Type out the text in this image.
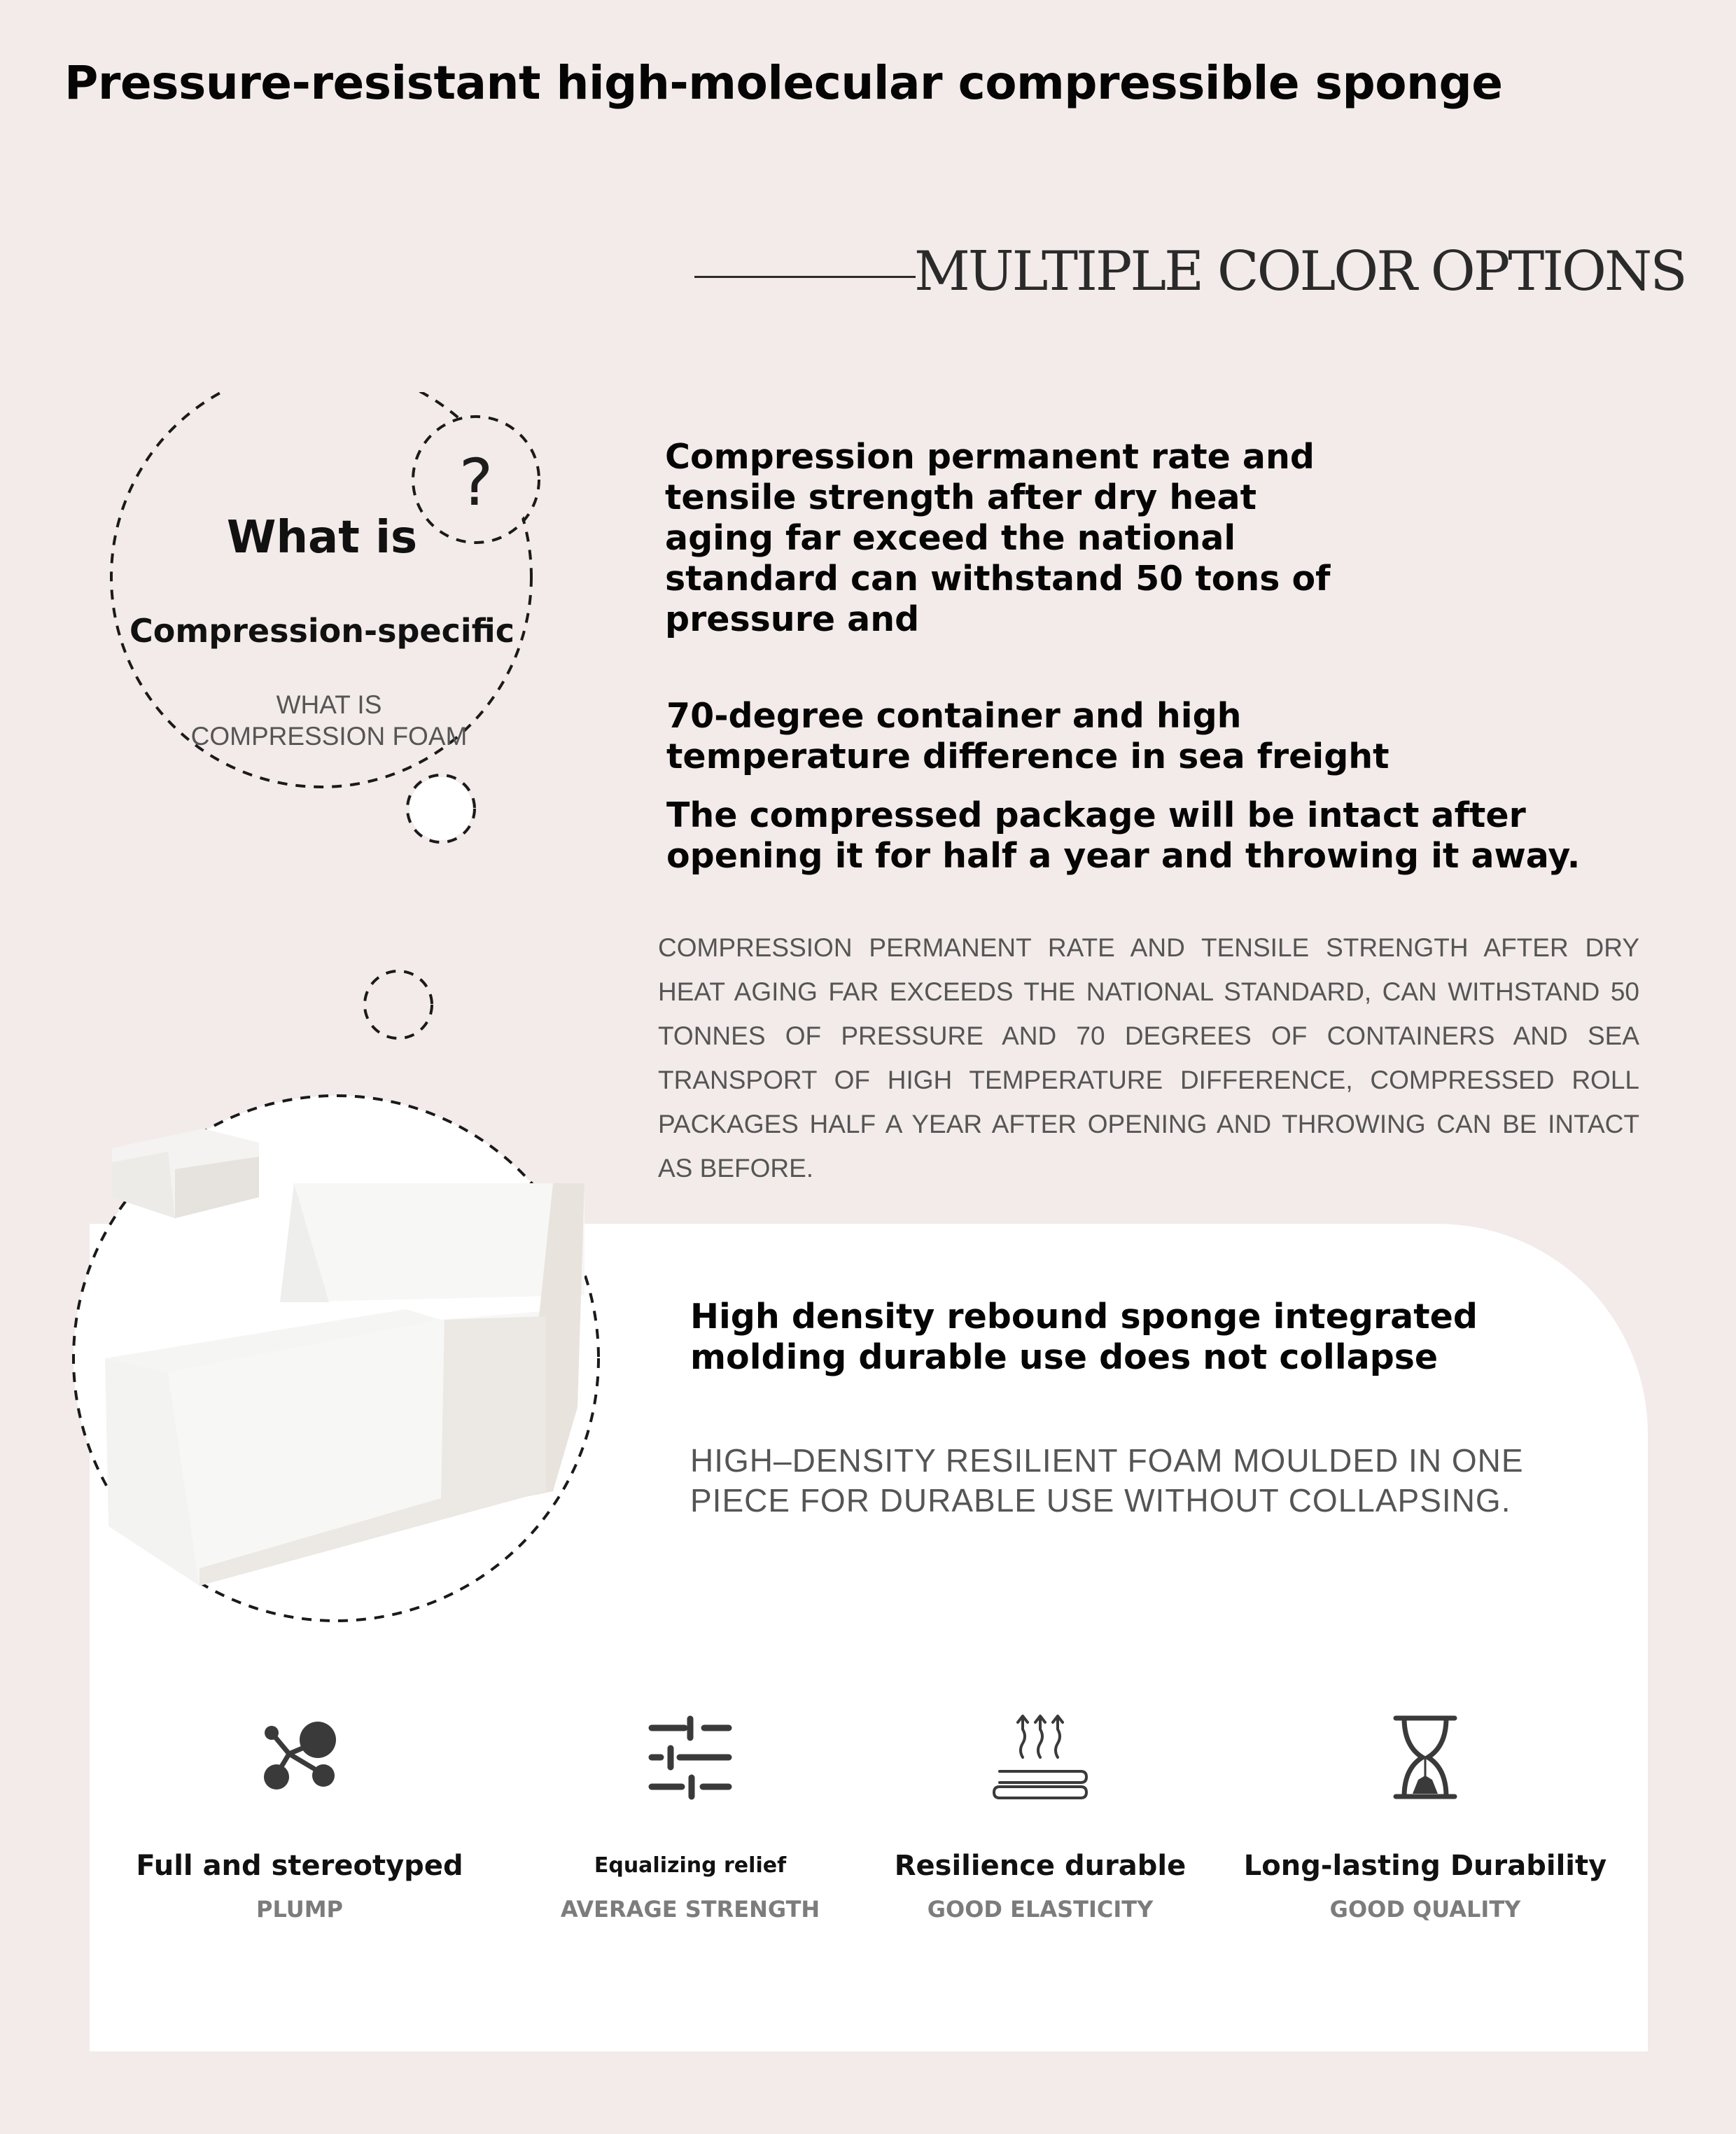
Pressure-resistant high-molecular compressible sponge
MULTIPLE COLOR OPTIONS
What is
?
Compression-specific
WHAT IS COMPRESSION FOAM
Compression permanent rate and tensile strength after dry heat aging far exceed the national standard can withstand 50 tons of pressure and
70-degree container and high temperature difference in sea freight
The compressed package will be intact after opening it for half a year and throwing it away.
COMPRESSION PERMANENT RATE AND TENSILE STRENGTH AFTER DRY HEAT AGING FAR EXCEEDS THE NATIONAL STANDARD, CAN WITHSTAND 50 TONNES OF PRESSURE AND 70 DEGREES OF CONTAINERS AND SEA TRANSPORT OF HIGH TEMPERATURE DIFFERENCE, COMPRESSED ROLL PACKAGES HALF A YEAR AFTER OPENING AND THROWING CAN BE INTACT AS BEFORE.
High density rebound sponge integrated molding durable use does not collapse
HIGH–DENSITY RESILIENT FOAM MOULDED IN ONE PIECE FOR DURABLE USE WITHOUT COLLAPSING.
Full and stereotyped
PLUMP
Equalizing relief
AVERAGE STRENGTH
Resilience durable
GOOD ELASTICITY
Long-lasting Durability
GOOD QUALITY
